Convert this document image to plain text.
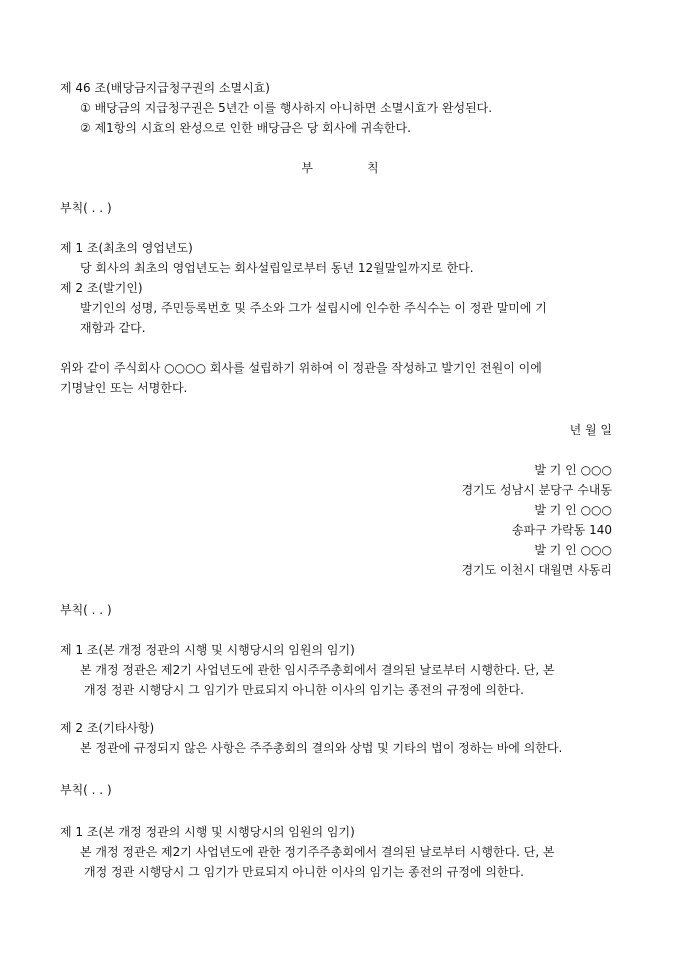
제 46 조(배당금지급청구권의 소멸시효)
① 배당금의 지급청구권은 5년간 이를 행사하지 아니하면 소멸시효가 완성된다.
② 제1항의 시효의 완성으로 인한 배당금은 당 회사에 귀속한다.
부칙
부칙( . . )
제 1 조(최초의 영업년도)
당 회사의 최초의 영업년도는 회사설립일로부터 동년 12월말일까지로 한다.
제 2 조(발기인)
발기인의 성명, 주민등록번호 및 주소와 그가 설립시에 인수한 주식수는 이 정관 말미에 기
재함과 같다.
위와 같이 주식회사 ○○○○ 회사를 설립하기 위하여 이 정관을 작성하고 발기인 전원이 이에
기명날인 또는 서명한다.
년 월 일
발 기 인 ○○○
경기도 성남시 분당구 수내동
발 기 인 ○○○
송파구 가락동 140
발 기 인 ○○○
경기도 이천시 대월면 사동리
부칙( . . )
제 1 조(본 개정 정관의 시행 및 시행당시의 임원의 임기)
본 개정 정관은 제2기 사업년도에 관한 임시주주총회에서 결의된 날로부터 시행한다. 단, 본
개정 정관 시행당시 그 임기가 만료되지 아니한 이사의 임기는 종전의 규정에 의한다.
제 2 조(기타사항)
본 정관에 규정되지 않은 사항은 주주총회의 결의와 상법 및 기타의 법이 정하는 바에 의한다.
부칙( . . )
제 1 조(본 개정 정관의 시행 및 시행당시의 임원의 임기)
본 개정 정관은 제2기 사업년도에 관한 정기주주총회에서 결의된 날로부터 시행한다. 단, 본
개정 정관 시행당시 그 임기가 만료되지 아니한 이사의 임기는 종전의 규정에 의한다.
